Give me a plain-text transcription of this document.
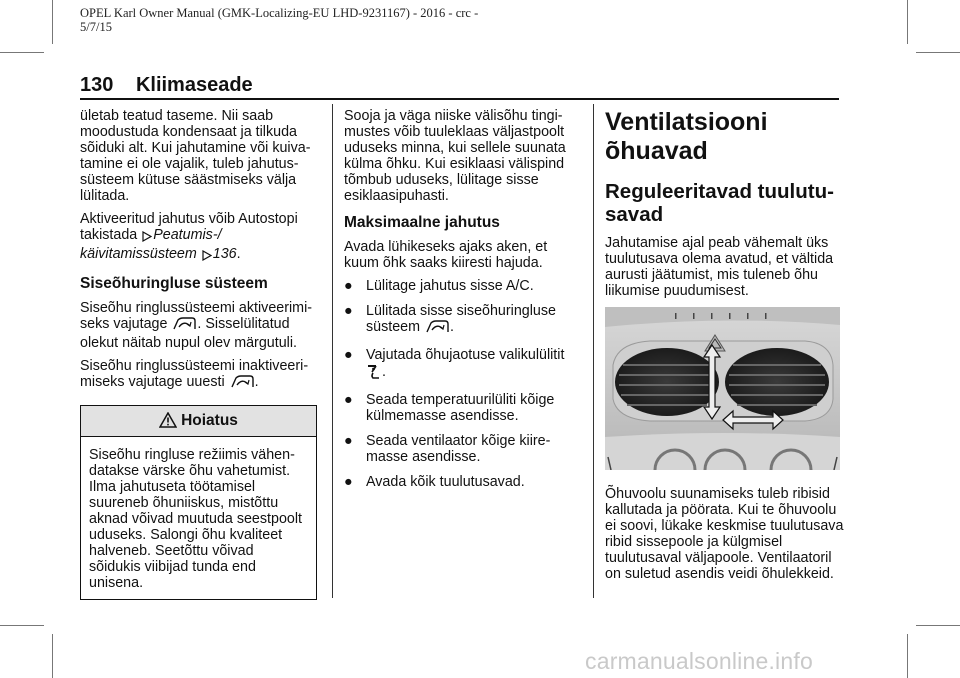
OPEL Karl Owner Manual (GMK-Localizing-EU LHD-9231167) - 2016 - crc -
5/7/15
130 Kliimaseade

ületab teatud taseme. Nii saab moodustuda kondensaat ja tilkuda sõiduki alt. Kui jahutamine või kuivatamine ei ole vajalik, tuleb jahutussüsteem kütuse säästmiseks välja lülitada.

Aktiveeritud jahutus võib Autostopi takistada Peatumis-/ käivitamissüsteem 136.

Siseõhuringluse süsteem

Siseõhu ringlussüsteemi aktiveerimiseks vajutage . Sisselülitatud olekut näitab nupul olev märgutuli.

Siseõhu ringlussüsteemi inaktiveerimiseks vajutage uuesti .

Hoiatus
Siseõhu ringluse režiimis vähendatakse värske õhu vahetumist. Ilma jahutuseta töötamisel suureneb õhuniiskus, mistõttu aknad võivad muutuda seestpoolt uduseks. Salongi õhu kvaliteet halveneb. Seetõttu võivad sõidukis viibijad tunda end unisena.

Sooja ja väga niiske välisõhu tingimustes võib tuuleklaas väljastpoolt uduseks minna, kui sellele suunata külma õhku. Kui esiklaasi välispind tõmbub uduseks, lülitage sisse esiklaasipuhasti.

Maksimaalne jahutus

Avada lühikeseks ajaks aken, et kuum õhk saaks kiiresti hajuda.

● Lülitage jahutus sisse A/C.
● Lülitada sisse siseõhuringluse süsteem .
● Vajutada õhujaotuse valikulülitit .
● Seada temperatuurilüliti kõige külmemasse asendisse.
● Seada ventilaator kõige kiiremasse asendisse.
● Avada kõik tuulutusavad.
Ventilatsiooni õhuavad
Reguleeritavad tuulutusavad

Jahutamise ajal peab vähemalt üks tuulutusava olema avatud, et vältida aurusti jäätumist, mis tuleneb õhu liikumise puudumisest.

Õhuvoolu suunamiseks tuleb ribisid kallutada ja pöörata. Kui te õhuvoolu ei soovi, lükake keskmise tuulutusava ribid sissepoole ja külgmisel tuulutusaval väljapoole. Ventilaatoril on suletud asendis veidi õhulekkeid.

carmanualsonline.info
